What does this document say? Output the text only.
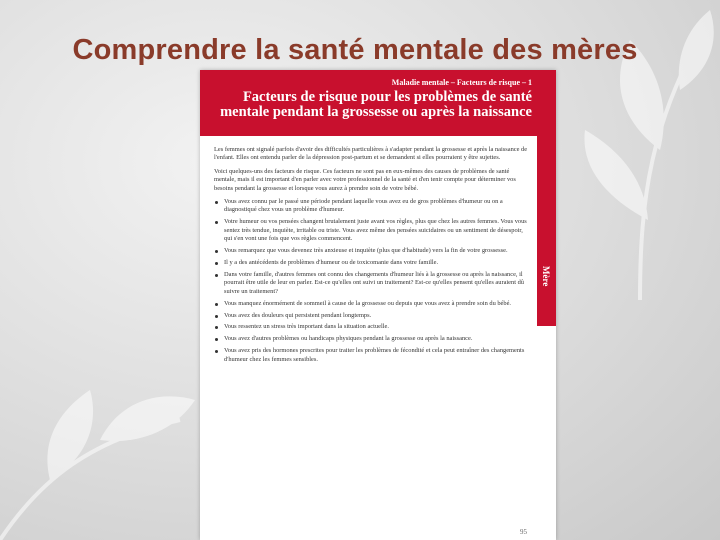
Comprendre la santé mentale des mères
Maladie mentale – Facteurs de risque – 1
Facteurs de risque pour les problèmes de santé
mentale pendant la grossesse ou après la naissance
Mère

Les femmes ont signalé parfois d'avoir des difficultés particulières à s'adapter pendant la grossesse et après la naissance de l'enfant. Elles ont entendu parler de la dépression post-partum et se demandent si elles pourraient y être sujettes.

Voici quelques-uns des facteurs de risque. Ces facteurs ne sont pas en eux-mêmes des causes de problèmes de santé mentale, mais il est important d'en parler avec votre professionnel de la santé et d'en tenir compte pour déterminer vos besoins pendant la grossesse et lorsque vous aurez à prendre soin de votre bébé.

Vous avez connu par le passé une période pendant laquelle vous avez eu de gros problèmes d'humeur ou on a diagnostiqué chez vous un problème d'humeur.
Votre humeur ou vos pensées changent brutalement juste avant vos règles, plus que chez les autres femmes. Vous vous sentez très tendue, inquiète, irritable ou triste. Vous avez même des pensées suicidaires ou un sentiment de désespoir, qui s'en vont une fois que vos règles commencent.
Vous remarquez que vous devenez très anxieuse et inquiète (plus que d'habitude) vers la fin de votre grossesse.
Il y a des antécédents de problèmes d'humeur ou de toxicomanie dans votre famille.
Dans votre famille, d'autres femmes ont connu des changements d'humeur liés à la grossesse ou après la naissance, il pourrait être utile de leur en parler. Est-ce qu'elles ont suivi un traitement? Est-ce qu'elles pensent qu'elles auraient dû suivre un traitement?
Vous manquez énormément de sommeil à cause de la grossesse ou depuis que vous avez à prendre soin du bébé.
Vous avez des douleurs qui persistent pendant longtemps.
Vous ressentez un stress très important dans la situation actuelle.
Vous avez d'autres problèmes ou handicaps physiques pendant la grossesse ou après la naissance.
Vous avez pris des hormones prescrites pour traiter les problèmes de fécondité et cela peut entraîner des changements d'humeur chez les femmes sensibles.
95
